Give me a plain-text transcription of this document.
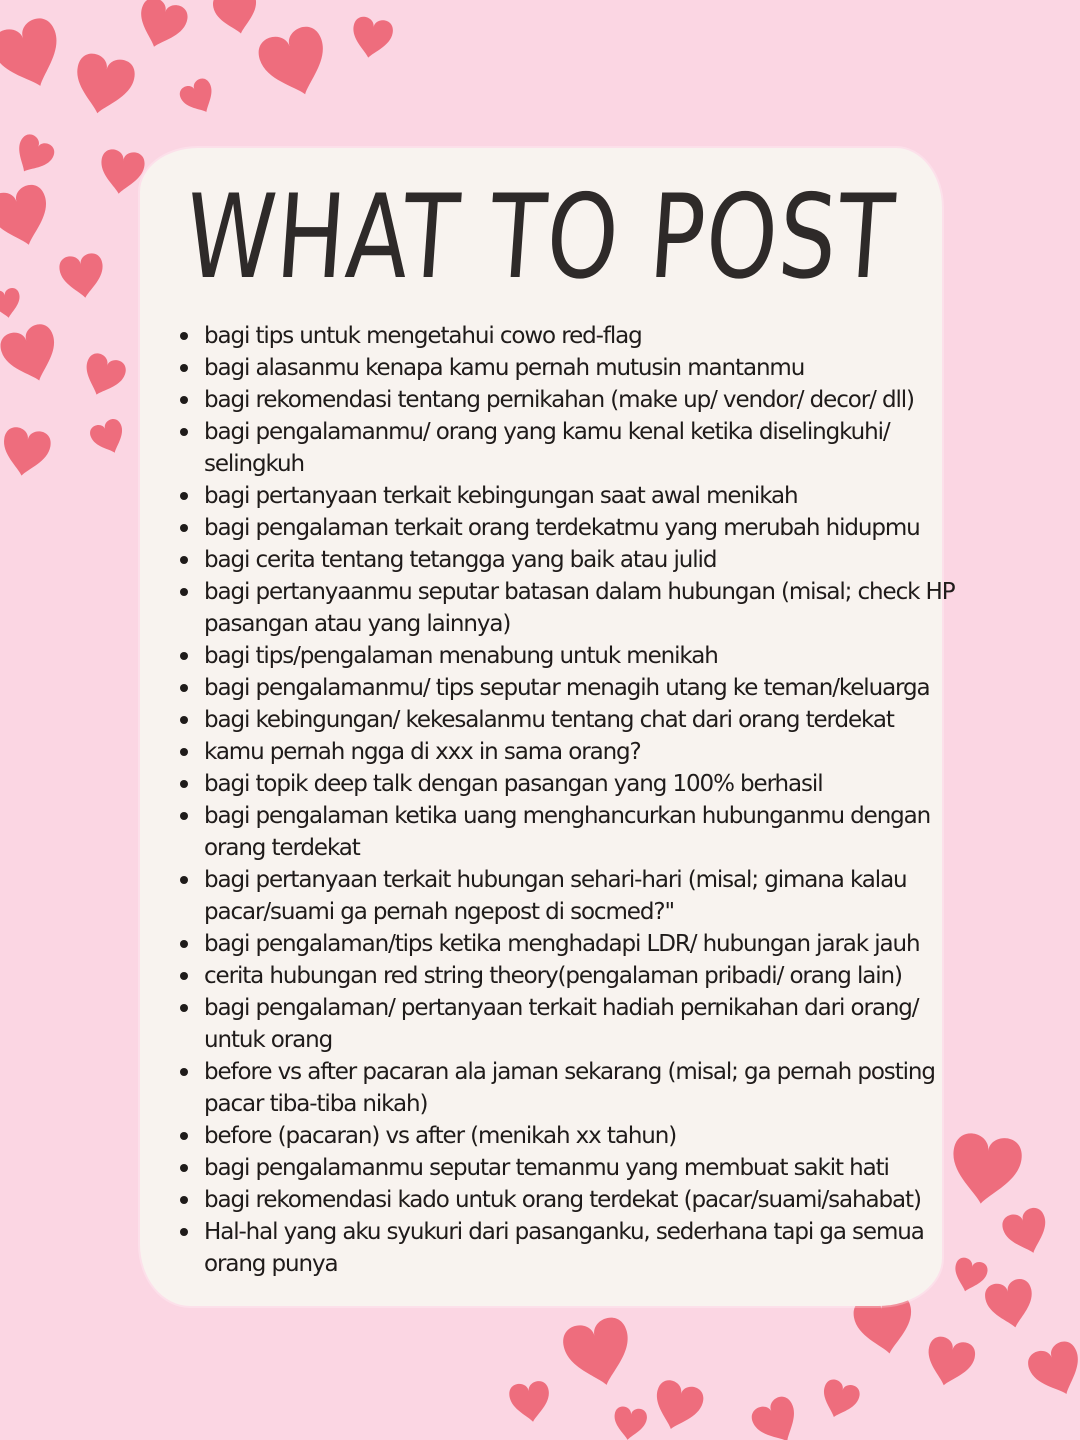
WHAT TO POST
bagi tips untuk mengetahui cowo red-flag
bagi alasanmu kenapa kamu pernah mutusin mantanmu
bagi rekomendasi tentang pernikahan (make up/ vendor/ decor/ dll)
bagi pengalamanmu/ orang yang kamu kenal ketika diselingkuhi/ selingkuh
bagi pertanyaan terkait kebingungan saat awal menikah
bagi pengalaman terkait orang terdekatmu yang merubah hidupmu
bagi cerita tentang tetangga yang baik atau julid
bagi pertanyaanmu seputar batasan dalam hubungan (misal; check HP pasangan atau yang lainnya)
bagi tips/pengalaman menabung untuk menikah
bagi pengalamanmu/ tips seputar menagih utang ke teman/keluarga
bagi kebingungan/ kekesalanmu tentang chat dari orang terdekat
kamu pernah ngga di xxx in sama orang?
bagi topik deep talk dengan pasangan yang 100% berhasil
bagi pengalaman ketika uang menghancurkan hubunganmu dengan orang terdekat
bagi pertanyaan terkait hubungan sehari-hari (misal; gimana kalau pacar/suami ga pernah ngepost di socmed?"
bagi pengalaman/tips ketika menghadapi LDR/ hubungan jarak jauh
cerita hubungan red string theory(pengalaman pribadi/ orang lain)
bagi pengalaman/ pertanyaan terkait hadiah pernikahan dari orang/ untuk orang
before vs after pacaran ala jaman sekarang (misal; ga pernah posting pacar tiba-tiba nikah)
before (pacaran) vs after (menikah xx tahun)
bagi pengalamanmu seputar temanmu yang membuat sakit hati
bagi rekomendasi kado untuk orang terdekat (pacar/suami/sahabat)
Hal-hal yang aku syukuri dari pasanganku, sederhana tapi ga semua orang punya
